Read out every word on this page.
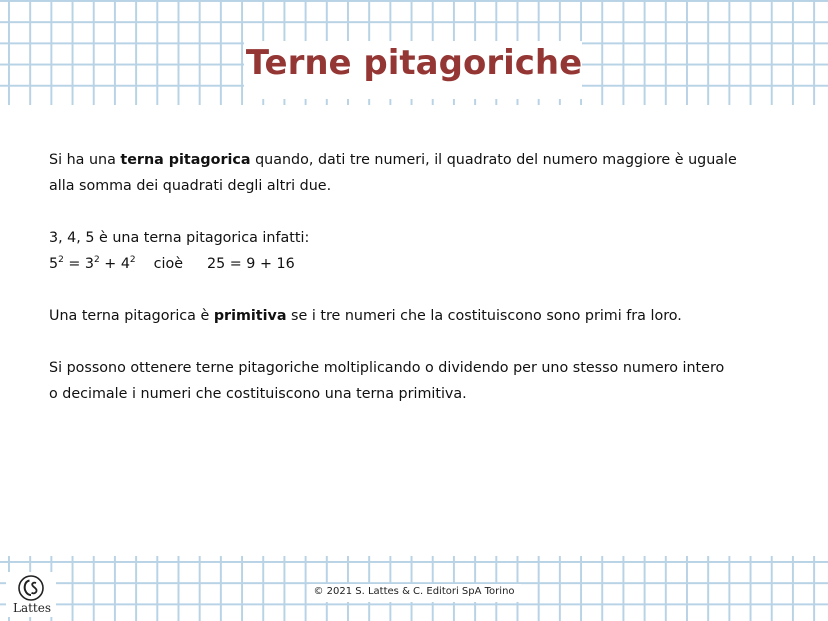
Terne pitagoriche

Si ha una terna pitagorica quando, dati tre numeri, il quadrato del numero maggiore è uguale

alla somma dei quadrati degli altri due.

3, 4, 5 è una terna pitagorica infatti:

$5^2 = 3^2 + 4^2$ cioè 25 = 9 + 16

Una terna pitagorica è primitiva se i tre numeri che la costituiscono sono primi fra loro.

Si possono ottenere terne pitagoriche moltiplicando o dividendo per uno stesso numero intero

o decimale i numeri che costituiscono una terna primitiva.

© 2021 S. Lattes & C. Editori SpA Torino
Lattes
